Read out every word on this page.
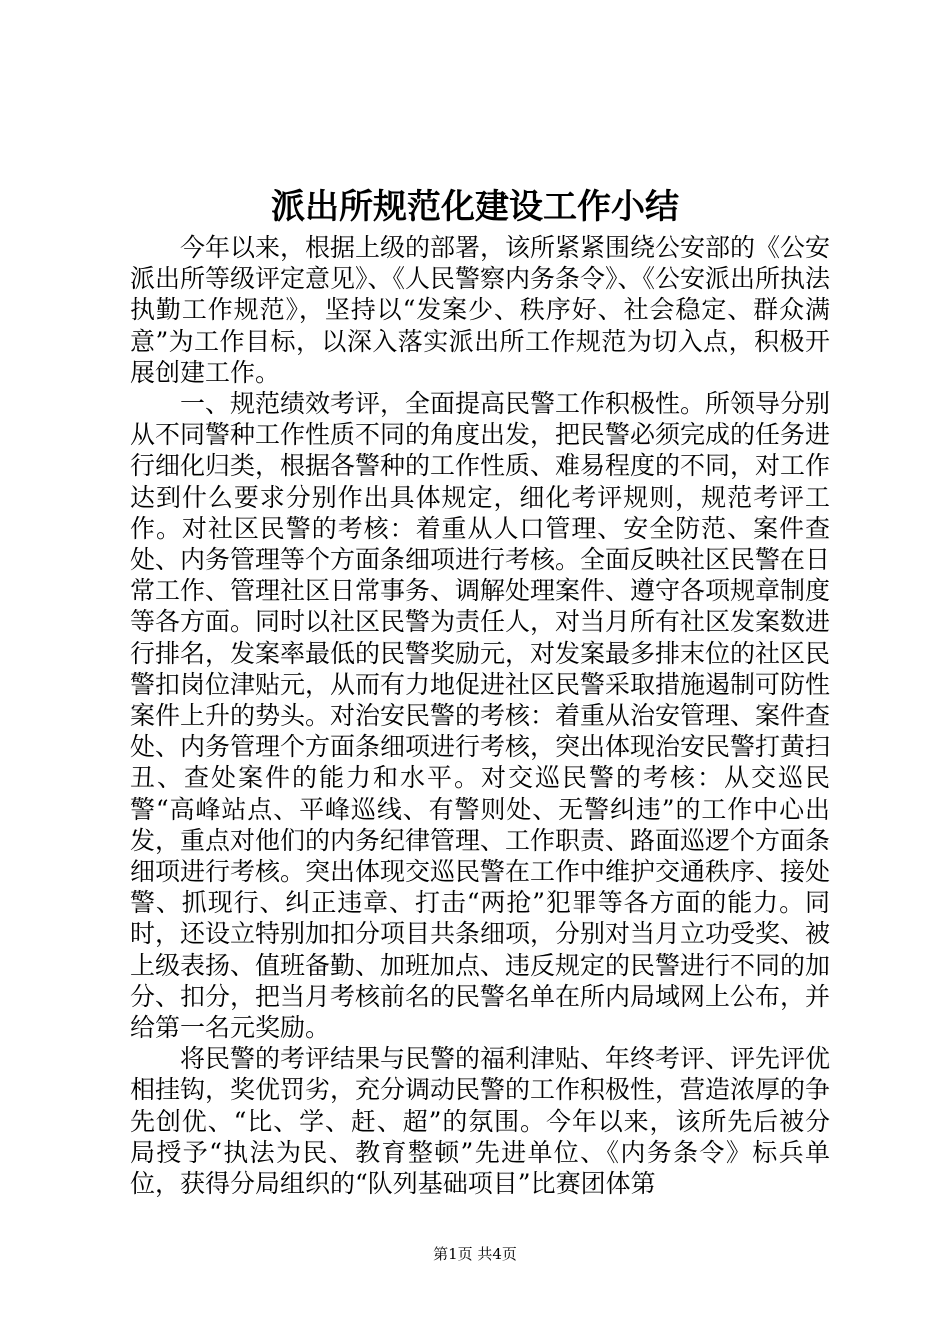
派出所规范化建设工作小结

今年以来，根据上级的部署，该所紧紧围绕公安部的《公安派出所等级评定意见》、《人民警察内务条令》、《公安派出所执法执勤工作规范》，坚持以“发案少、秩序好、社会稳定、群众满意”为工作目标，以深入落实派出所工作规范为切入点，积极开展创建工作。

一、规范绩效考评，全面提高民警工作积极性。所领导分别从不同警种工作性质不同的角度出发，把民警必须完成的任务进行细化归类，根据各警种的工作性质、难易程度的不同，对工作达到什么要求分别作出具体规定，细化考评规则，规范考评工作。对社区民警的考核：着重从人口管理、安全防范、案件查处、内务管理等个方面条细项进行考核。全面反映社区民警在日常工作、管理社区日常事务、调解处理案件、遵守各项规章制度等各方面。同时以社区民警为责任人，对当月所有社区发案数进行排名，发案率最低的民警奖励元，对发案最多排末位的社区民警扣岗位津贴元，从而有力地促进社区民警采取措施遏制可防性案件上升的势头。对治安民警的考核：着重从治安管理、案件查处、内务管理个方面条细项进行考核，突出体现治安民警打黄扫丑、查处案件的能力和水平。对交巡民警的考核：从交巡民警“高峰站点、平峰巡线、有警则处、无警纠违”的工作中心出发，重点对他们的内务纪律管理、工作职责、路面巡逻个方面条细项进行考核。突出体现交巡民警在工作中维护交通秩序、接处警、抓现行、纠正违章、打击“两抢”犯罪等各方面的能力。同时，还设立特别加扣分项目共条细项，分别对当月立功受奖、被上级表扬、值班备勤、加班加点、违反规定的民警进行不同的加分、扣分，把当月考核前名的民警名单在所内局域网上公布，并给第一名元奖励。

将民警的考评结果与民警的福利津贴、年终考评、评先评优相挂钩，奖优罚劣，充分调动民警的工作积极性，营造浓厚的争先创优、“比、学、赶、超”的氛围。今年以来，该所先后被分局授予“执法为民、教育整顿”先进单位、《内务条令》标兵单位，获得分局组织的“队列基础项目”比赛团体第

第1页 共4页
